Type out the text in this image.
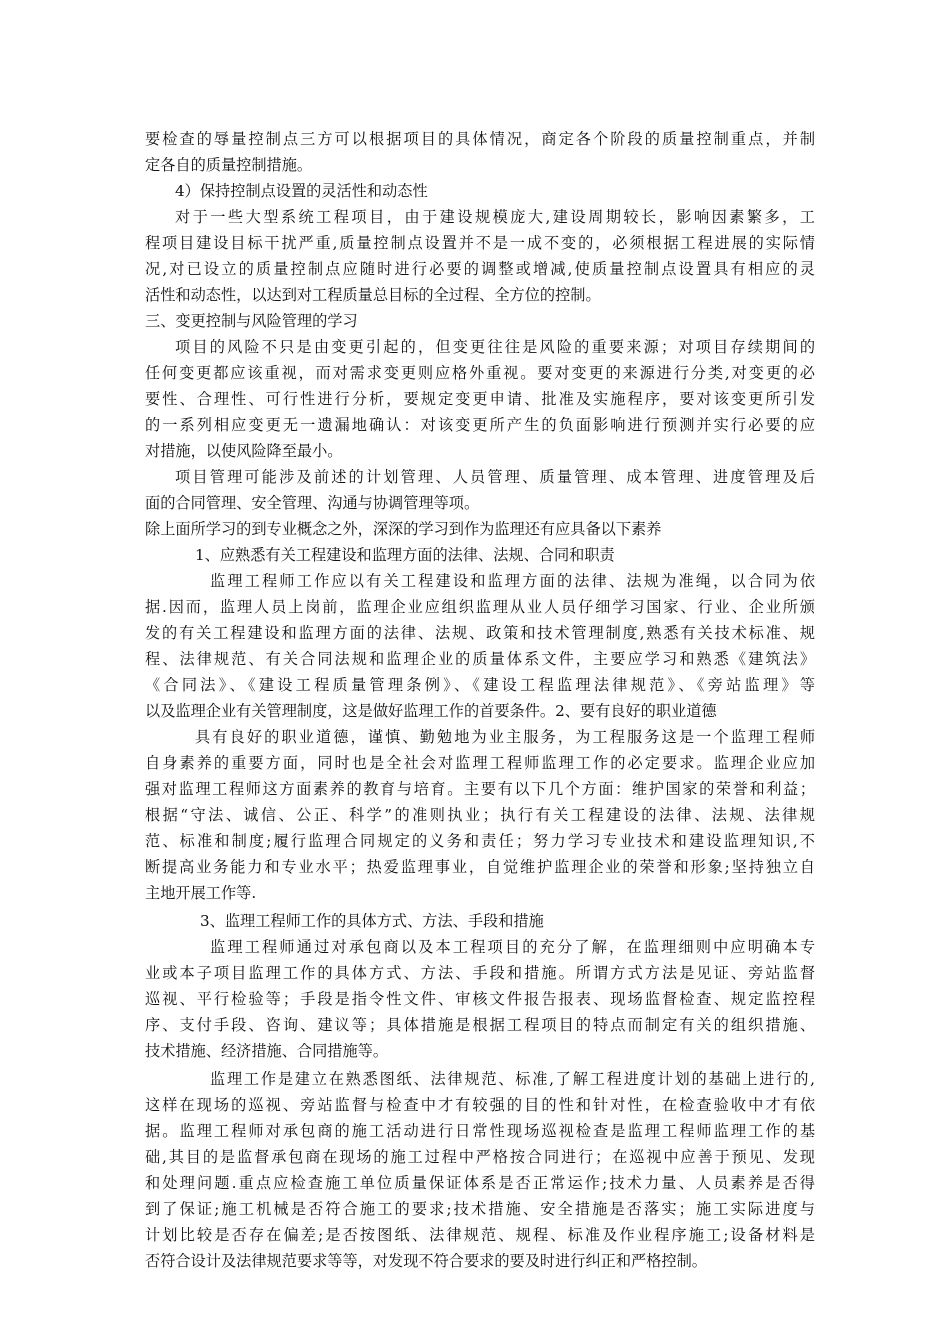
要检查的辱量控制点三方可以根据项目的具体情况，商定各个阶段的质量控制重点，并制
定各自的质量控制措施。
4）保持控制点设置的灵活性和动态性
对于一些大型系统工程项目，由于建设规模庞大,建设周期较长，影响因素繁多，工
程项目建设目标干扰严重,质量控制点设置并不是一成不变的，必须根据工程进展的实际情
况,对已设立的质量控制点应随时进行必要的调整或增减,使质量控制点设置具有相应的灵
活性和动态性，以达到对工程质量总目标的全过程、全方位的控制。
三、变更控制与风险管理的学习
项目的风险不只是由变更引起的，但变更往往是风险的重要来源；对项目存续期间的
任何变更都应该重视，而对需求变更则应格外重视。要对变更的来源进行分类,对变更的必
要性、合理性、可行性进行分析，要规定变更申请、批准及实施程序，要对该变更所引发
的一系列相应变更无一遗漏地确认：对该变更所产生的负面影响进行预测并实行必要的应
对措施，以使风险降至最小。
项目管理可能涉及前述的计划管理、人员管理、质量管理、成本管理、进度管理及后
面的合同管理、安全管理、沟通与协调管理等项。
除上面所学习的到专业概念之外，深深的学习到作为监理还有应具备以下素养
1、应熟悉有关工程建设和监理方面的法律、法规、合同和职责
监理工程师工作应以有关工程建设和监理方面的法律、法规为准绳，以合同为依
据.因而，监理人员上岗前，监理企业应组织监理从业人员仔细学习国家、行业、企业所颁
发的有关工程建设和监理方面的法律、法规、政策和技术管理制度,熟悉有关技术标准、规
程、法律规范、有关合同法规和监理企业的质量体系文件，主要应学习和熟悉《建筑法》
《合同法》、《建设工程质量管理条例》、《建设工程监理法律规范》、《旁站监理》等
以及监理企业有关管理制度，这是做好监理工作的首要条件。2、要有良好的职业道德
具有良好的职业道德，谨慎、勤勉地为业主服务，为工程服务这是一个监理工程师
自身素养的重要方面，同时也是全社会对监理工程师监理工作的必定要求。监理企业应加
强对监理工程师这方面素养的教育与培育。主要有以下几个方面：维护国家的荣誉和利益；
根据“守法、诚信、公正、科学”的准则执业；执行有关工程建设的法律、法规、法律规
范、标准和制度;履行监理合同规定的义务和责任；努力学习专业技术和建设监理知识,不
断提高业务能力和专业水平；热爱监理事业，自觉维护监理企业的荣誉和形象;坚持独立自
主地开展工作等.
3、监理工程师工作的具体方式、方法、手段和措施
监理工程师通过对承包商以及本工程项目的充分了解，在监理细则中应明确本专
业或本子项目监理工作的具体方式、方法、手段和措施。所谓方式方法是见证、旁站监督
巡视、平行检验等；手段是指令性文件、审核文件报告报表、现场监督检查、规定监控程
序、支付手段、咨询、建议等；具体措施是根据工程项目的特点而制定有关的组织措施、
技术措施、经济措施、合同措施等。
监理工作是建立在熟悉图纸、法律规范、标准,了解工程进度计划的基础上进行的,
这样在现场的巡视、旁站监督与检查中才有较强的目的性和针对性，在检查验收中才有依
据。监理工程师对承包商的施工活动进行日常性现场巡视检查是监理工程师监理工作的基
础,其目的是监督承包商在现场的施工过程中严格按合同进行；在巡视中应善于预见、发现
和处理问题.重点应检查施工单位质量保证体系是否正常运作;技术力量、人员素养是否得
到了保证;施工机械是否符合施工的要求;技术措施、安全措施是否落实；施工实际进度与
计划比较是否存在偏差;是否按图纸、法律规范、规程、标准及作业程序施工;设备材料是
否符合设计及法律规范要求等等，对发现不符合要求的要及时进行纠正和严格控制。
